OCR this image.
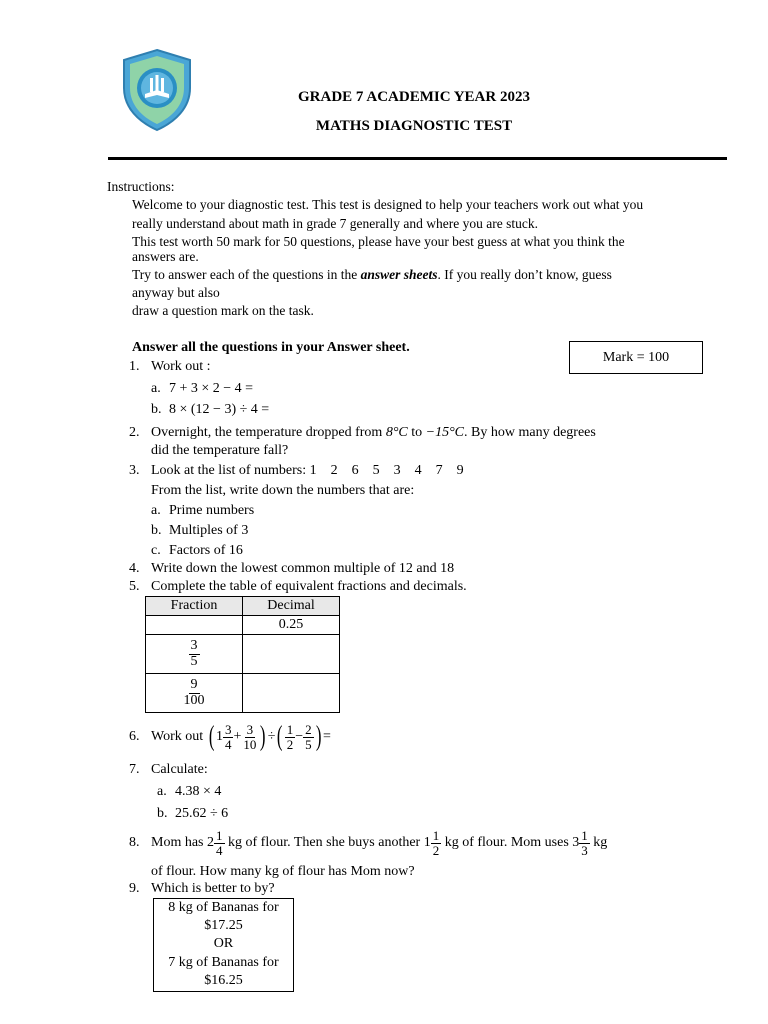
GRADE 7 ACADEMIC YEAR 2023
MATHS DIAGNOSTIC TEST
Instructions:
Welcome to your diagnostic test. This test is designed to help your teachers work out what you
really understand about math in grade 7 generally and where you are stuck.
This test worth 50 mark for 50 questions, please have your best guess at what you think the
answers are.
Try to answer each of the questions in the answer sheets. If you really don’t know, guess
anyway but also
draw a question mark on the task.
Answer all the questions in your Answer sheet.
Mark = 100
1. Work out :
a. 7 + 3 × 2 − 4 =
b. 8 × (12 − 3) ÷ 4 =
2. Overnight, the temperature dropped from 8°C to −15°C. By how many degrees
did the temperature fall?
3. Look at the list of numbers: 1    2    6    5    3    4    7    9
From the list, write down the numbers that are:
a. Prime numbers
b. Multiples of 3
c. Factors of 16
4. Write down the lowest common multiple of 12 and 18
5. Complete the table of equivalent fractions and decimals.
Fraction	Decimal
	0.25

$\frac{3}{5}$

$\frac{9}{100}$

6. Work out
( $1 \frac{3}{4} + \frac{3}{10}$ ) ÷ ( $\frac{1}{2} - \frac{2}{5}$ ) =
7. Calculate:
a. 4.38 × 4
b. 25.62 ÷ 6
8. Mom has $2 \frac{1}{4}$ kg of flour. Then she buys another $1 \frac{1}{2}$ kg of flour. Mom uses $3 \frac{1}{3}$ kg
of flour. How many kg of flour has Mom now?
9. Which is better to by?
8 kg of Bananas for
$17.25
OR
7 kg of Bananas for
$16.25
